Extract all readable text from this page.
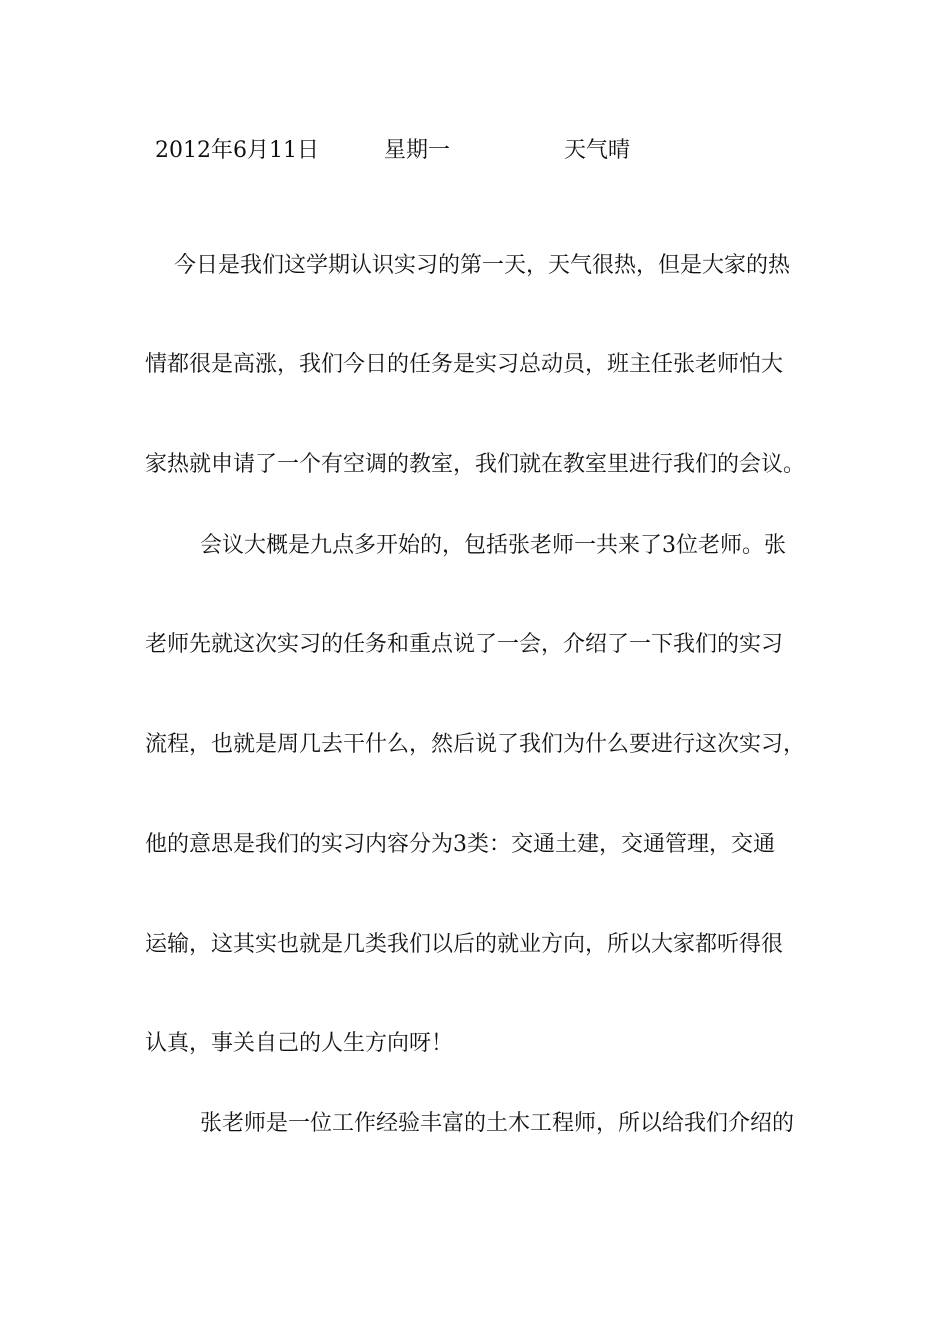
2012年6月11日	星期一	天气晴

今日是我们这学期认识实习的第一天，天气很热，但是大家的热

情都很是高涨，我们今日的任务是实习总动员，班主任张老师怕大

家热就申请了一个有空调的教室，我们就在教室里进行我们的会议。

会议大概是九点多开始的，包括张老师一共来了3位老师。张

老师先就这次实习的任务和重点说了一会，介绍了一下我们的实习

流程，也就是周几去干什么，然后说了我们为什么要进行这次实习，

他的意思是我们的实习内容分为3类：交通土建，交通管理，交通

运输，这其实也就是几类我们以后的就业方向，所以大家都听得很

认真，事关自己的人生方向呀！

张老师是一位工作经验丰富的土木工程师，所以给我们介绍的
